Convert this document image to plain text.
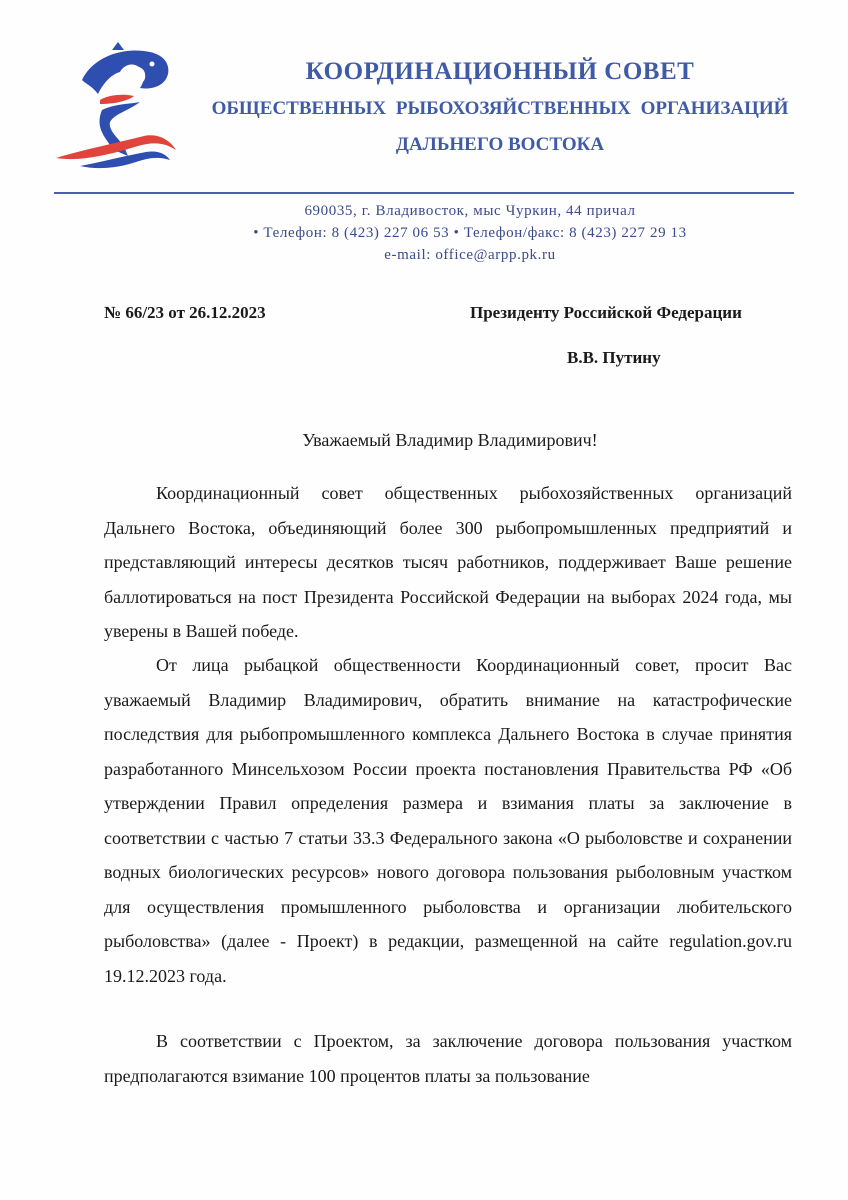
КООРДИНАЦИОННЫЙ СОВЕТ
ОБЩЕСТВЕННЫХ РЫБОХОЗЯЙСТВЕННЫХ ОРГАНИЗАЦИЙ
ДАЛЬНЕГО ВОСТОКА
690035, г. Владивосток, мыс Чуркин, 44 причал
• Телефон: 8 (423) 227 06 53 • Телефон/факс: 8 (423) 227 29 13
e-mail: office@arpp.pk.ru
№ 66/23 от 26.12.2023	Президенту Российской Федерации
В.В. Путину
Уважаемый Владимир Владимирович!

Координационный совет общественных рыбохозяйственных организаций Дальнего Востока, объединяющий более 300 рыбопромышленных предприятий и представляющий интересы десятков тысяч работников, поддерживает Ваше решение баллотироваться на пост Президента Российской Федерации на выборах 2024 года, мы уверены в Вашей победе.

От лица рыбацкой общественности Координационный совет, просит Вас уважаемый Владимир Владимирович, обратить внимание на катастрофические последствия для рыбопромышленного комплекса Дальнего Востока в случае принятия разработанного Минсельхозом России проекта постановления Правительства РФ «Об утверждении Правил определения размера и взимания платы за заключение в соответствии с частью 7 статьи 33.3 Федерального закона «О рыболовстве и сохранении водных биологических ресурсов» нового договора пользования рыболовным участком для осуществления промышленного рыболовства и организации любительского рыболовства» (далее - Проект) в редакции, размещенной на сайте regulation.gov.ru 19.12.2023 года.

В соответствии с Проектом, за заключение договора пользования участком предполагаются взимание 100 процентов платы за пользование
